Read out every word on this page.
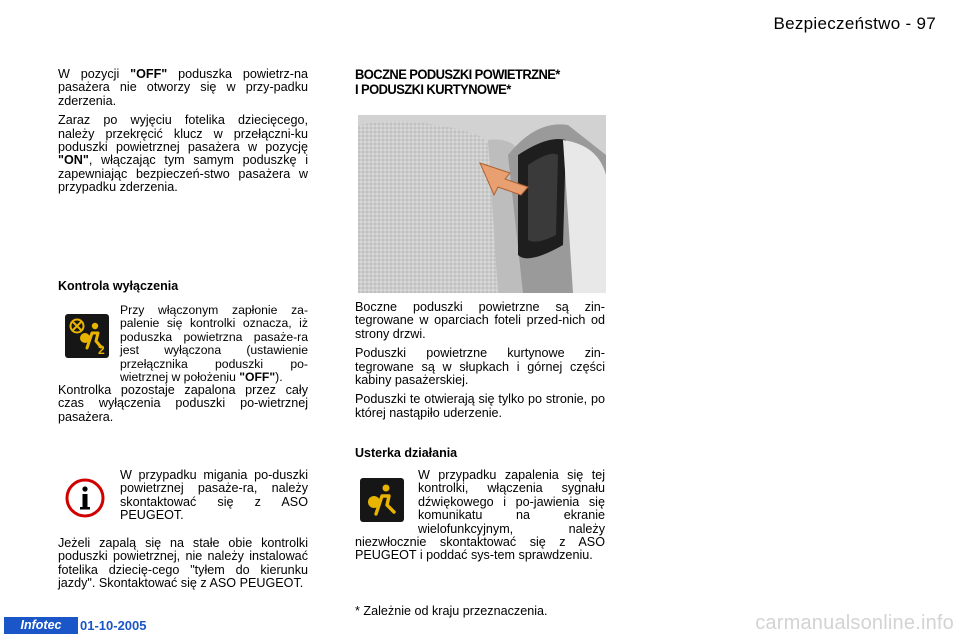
Bezpieczeństwo - 97

W pozycji "OFF" poduszka powietrz-na pasażera nie otworzy się w przy-padku zderzenia.

Zaraz po wyjęciu fotelika dziecięcego, należy przekręcić klucz w przełączni-ku poduszki powietrznej pasażera w pozycję "ON", włączając tym samym poduszkę i zapewniając bezpieczeń-stwo pasażera w przypadku zderzenia.

Kontrola wyłączenia
2
Przy włączonym zapłonie za-palenie się kontrolki oznacza, iż poduszka powietrzna pasaże-ra jest wyłączona (ustawienie przełącznika poduszki po-wietrznej w położeniu "OFF").
Kontrolka pozostaje zapalona przez cały czas wyłączenia poduszki po-wietrznej pasażera.
W przypadku migania po-duszki powietrznej pasaże-ra, należy skontaktować się z ASO PEUGEOT.
Jeżeli zapalą się na stałe obie kontrolki poduszki powietrznej, nie należy instalować fotelika dziecię-cego "tyłem do kierunku jazdy". Skontaktować się z ASO PEUGEOT.
BOCZNE PODUSZKI POWIETRZNE*
I PODUSZKI KURTYNOWE*

Boczne poduszki powietrzne są zin-tegrowane w oparciach foteli przed-nich od strony drzwi.

Poduszki powietrzne kurtynowe zin-tegrowane są w słupkach i górnej części kabiny pasażerskiej.

Poduszki te otwierają się tylko po stronie, po której nastąpiło uderzenie.

Usterka działania
W przypadku zapalenia się tej kontrolki, włączenia sygnału dźwiękowego i po-jawienia się komunikatu na ekranie wielofunkcyjnym, należy niezwłocznie skontaktować się z ASO PEUGEOT i poddać sys-tem sprawdzeniu.
* Zależnie od kraju przeznaczenia.
Infotec	01-10-2005	carmanualsonline.info
